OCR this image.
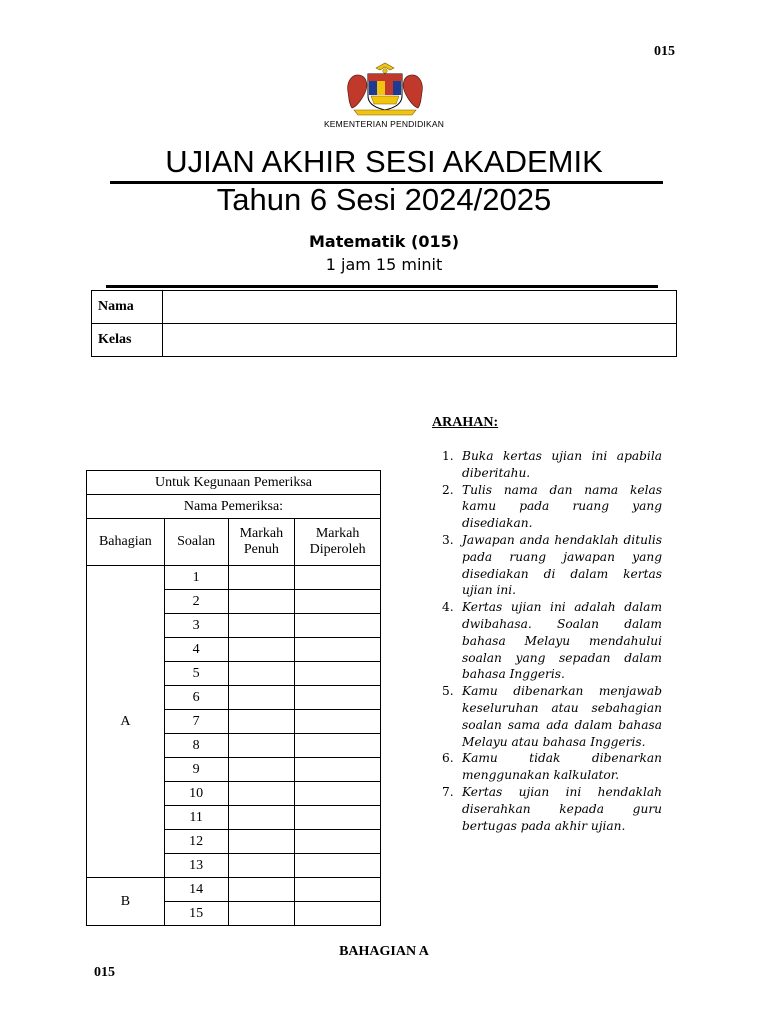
015
KEMENTERIAN PENDIDIKAN
UJIAN AKHIR SESI AKADEMIK
Tahun 6 Sesi 2024/2025
Matematik (015)
1 jam 15 minit
Nama	
Kelas	
Untuk Kegunaan Pemeriksa			
Nama Pemeriksa:			
Bahagian	Soalan	Markah Penuh	Markah Diperoleh
A	1		
	2		
	3		
	4		
	5		
	6		
	7		
	8		
	9		
	10		
	11		
	12		
	13		
B	14		
	15		
ARAHAN:
1. Buka kertas ujian ini apabila diberitahu.
2. Tulis nama dan nama kelas kamu pada ruang yang disediakan.
3. Jawapan anda hendaklah ditulis pada ruang jawapan yang disediakan di dalam kertas ujian ini.
4. Kertas ujian ini adalah dalam dwibahasa. Soalan dalam bahasa Melayu mendahului soalan yang sepadan dalam bahasa Inggeris.
5. Kamu dibenarkan menjawab keseluruhan atau sebahagian soalan sama ada dalam bahasa Melayu atau bahasa Inggeris.
6. Kamu tidak dibenarkan menggunakan kalkulator.
7. Kertas ujian ini hendaklah diserahkan kepada guru bertugas pada akhir ujian.
BAHAGIAN A
015
